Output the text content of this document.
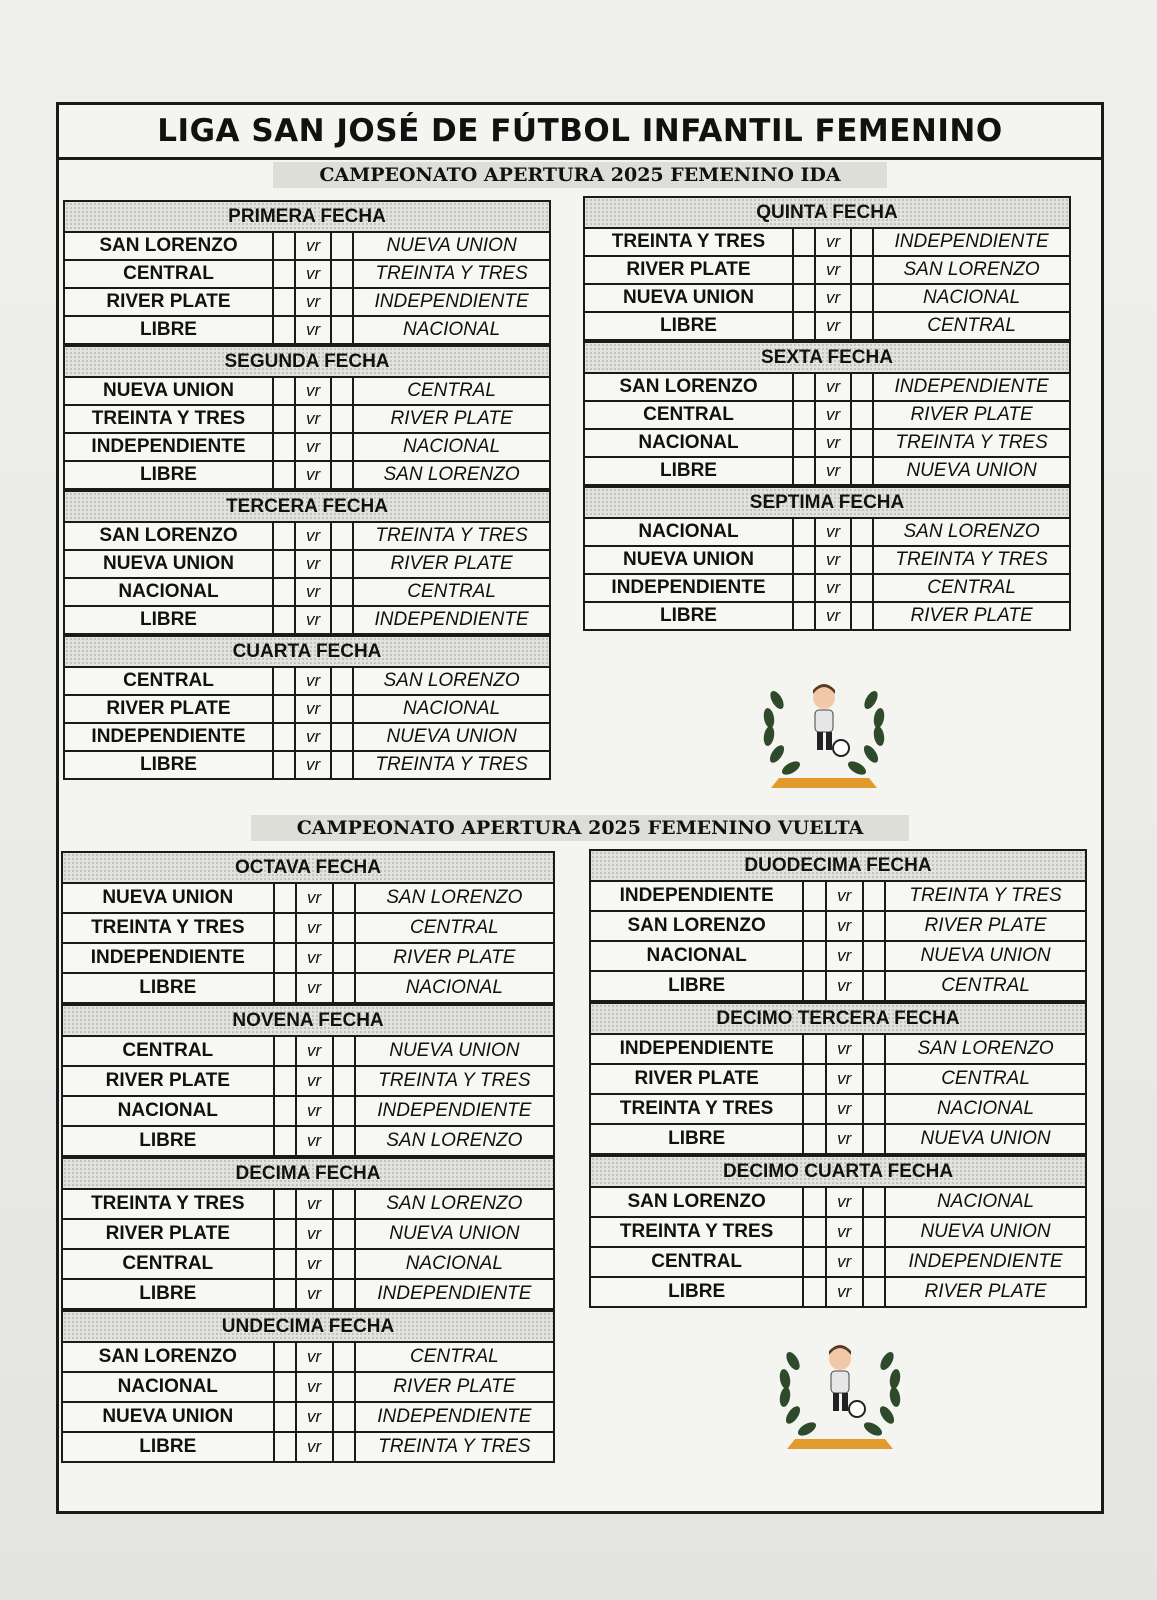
LIGA SAN JOSÉ DE FÚTBOL INFANTIL FEMENINO
CAMPEONATO APERTURA 2025 FEMENINO IDA
PRIMERA FECHA
SAN LORENZO		vr		NUEVA UNION
CENTRAL		vr		TREINTA Y TRES
RIVER PLATE		vr		INDEPENDIENTE
LIBRE		vr		NACIONAL
SEGUNDA FECHA
NUEVA UNION		vr		CENTRAL
TREINTA Y TRES		vr		RIVER PLATE
INDEPENDIENTE		vr		NACIONAL
LIBRE		vr		SAN LORENZO
TERCERA FECHA
SAN LORENZO		vr		TREINTA Y TRES
NUEVA UNION		vr		RIVER PLATE
NACIONAL		vr		CENTRAL
LIBRE		vr		INDEPENDIENTE
CUARTA FECHA
CENTRAL		vr		SAN LORENZO
RIVER PLATE		vr		NACIONAL
INDEPENDIENTE		vr		NUEVA UNION
LIBRE		vr		TREINTA Y TRES
QUINTA FECHA
TREINTA Y TRES		vr		INDEPENDIENTE
RIVER PLATE		vr		SAN LORENZO
NUEVA UNION		vr		NACIONAL
LIBRE		vr		CENTRAL
SEXTA FECHA
SAN LORENZO		vr		INDEPENDIENTE
CENTRAL		vr		RIVER PLATE
NACIONAL		vr		TREINTA Y TRES
LIBRE		vr		NUEVA UNION
SEPTIMA FECHA
NACIONAL		vr		SAN LORENZO
NUEVA UNION		vr		TREINTA Y TRES
INDEPENDIENTE		vr		CENTRAL
LIBRE		vr		RIVER PLATE
CAMPEONATO APERTURA 2025 FEMENINO VUELTA
OCTAVA FECHA
NUEVA UNION		vr		SAN LORENZO
TREINTA Y TRES		vr		CENTRAL
INDEPENDIENTE		vr		RIVER PLATE
LIBRE		vr		NACIONAL
NOVENA FECHA
CENTRAL		vr		NUEVA UNION
RIVER PLATE		vr		TREINTA Y TRES
NACIONAL		vr		INDEPENDIENTE
LIBRE		vr		SAN LORENZO
DECIMA FECHA
TREINTA Y TRES		vr		SAN LORENZO
RIVER PLATE		vr		NUEVA UNION
CENTRAL		vr		NACIONAL
LIBRE		vr		INDEPENDIENTE
UNDECIMA FECHA
SAN LORENZO		vr		CENTRAL
NACIONAL		vr		RIVER PLATE
NUEVA UNION		vr		INDEPENDIENTE
LIBRE		vr		TREINTA Y TRES
DUODECIMA FECHA
INDEPENDIENTE		vr		TREINTA Y TRES
SAN LORENZO		vr		RIVER PLATE
NACIONAL		vr		NUEVA UNION
LIBRE		vr		CENTRAL
DECIMO TERCERA FECHA
INDEPENDIENTE		vr		SAN LORENZO
RIVER PLATE		vr		CENTRAL
TREINTA Y TRES		vr		NACIONAL
LIBRE		vr		NUEVA UNION
DECIMO CUARTA FECHA
SAN LORENZO		vr		NACIONAL
TREINTA Y TRES		vr		NUEVA UNION
CENTRAL		vr		INDEPENDIENTE
LIBRE		vr		RIVER PLATE
